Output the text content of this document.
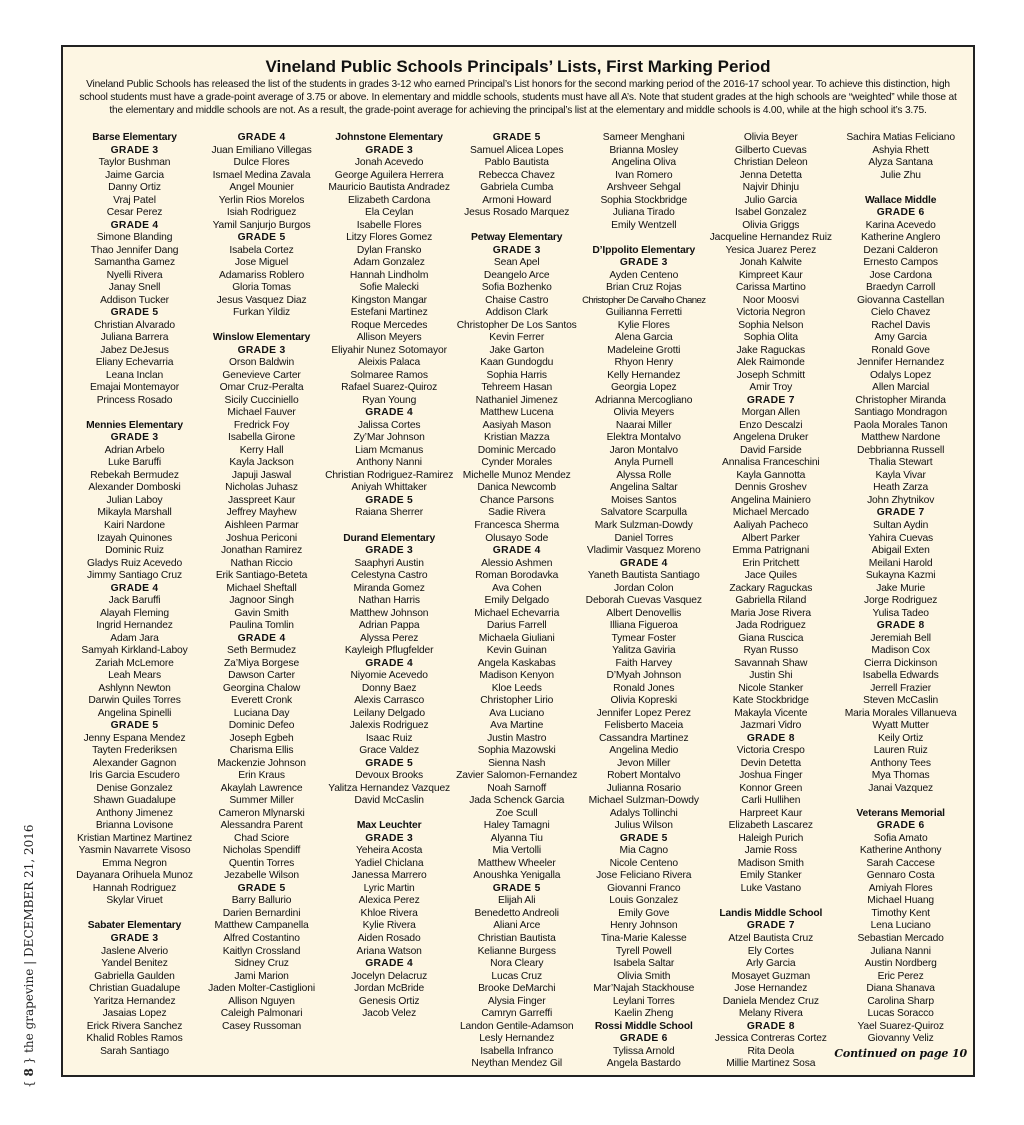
{ 8 } the grapevine | DECEMBER 21, 2016
Vineland Public Schools Principals’ Lists, First Marking Period
Vineland Public Schools has released the list of the students in grades 3-12 who earned Principal’s List honors for the second marking period of the 2016-17 school year. To achieve this distinction, high school students must have a grade-point average of 3.75 or above. In elementary and middle schools, students must have all A’s. Note that student grades at the high schools are “weighted” while those at the elementary and middle schools are not. As a result, the grade-point average for achieving the principal’s list at the elementary and middle schools is 4.00, while at the high school it’s 3.75.
Barse Elementary
GRADE 3
Taylor Bushman
Jaime Garcia
Danny Ortiz
Vraj Patel
Cesar Perez
GRADE 4
Simone Blanding
Thao Jennifer Dang
Samantha Gamez
Nyelli Rivera
Janay Snell
Addison Tucker
GRADE 5
Christian Alvarado
Juliana Barrera
Jabez DeJesus
Eliany Echevarria
Leana Inclan
Emajai Montemayor
Princess Rosado
Mennies Elementary
GRADE 3
Adrian Arbelo
Luke Baruffi
Rebekah Bermudez
Alexander Domboski
Julian Laboy
Mikayla Marshall
Kairi Nardone
Izayah Quinones
Dominic Ruiz
Gladys Ruiz Acevedo
Jimmy Santiago Cruz
GRADE 4
Jack Baruffi
Alayah Fleming
Ingrid Hernandez
Adam Jara
Samyah Kirkland-Laboy
Zariah McLemore
Leah Mears
Ashlynn Newton
Darwin Quiles Torres
Angelina Spinelli
GRADE 5
Jenny Espana Mendez
Tayten Frederiksen
Alexander Gagnon
Iris Garcia Escudero
Denise Gonzalez
Shawn Guadalupe
Anthony Jimenez
Brianna Lovisone
Kristian Martinez Martinez
Yasmin Navarrete Visoso
Emma Negron
Dayanara Orihuela Munoz
Hannah Rodriguez
Skylar Viruet
Sabater Elementary
GRADE 3
Jaslene Alverio
Yandel Benitez
Gabriella Gaulden
Christian Guadalupe
Yaritza Hernandez
Jasaias Lopez
Erick Rivera Sanchez
Khalid Robles Ramos
Sarah Santiago
GRADE 4
Juan Emiliano Villegas
Dulce Flores
Ismael Medina Zavala
Angel Mounier
Yerlin Rios Morelos
Isiah Rodriguez
Yamil Sanjurjo Burgos
GRADE 5
Isabela Cortez
Jose Miguel
Adamariss Roblero
Gloria Tomas
Jesus Vasquez Diaz
Furkan Yildiz
Winslow Elementary
GRADE 3
Orson Baldwin
Genevieve Carter
Omar Cruz-Peralta
Sicily Cucciniello
Michael Fauver
Fredrick Foy
Isabella Girone
Kerry Hall
Kayla Jackson
Japuji Jaswal
Nicholas Juhasz
Jasspreet Kaur
Jeffrey Mayhew
Aishleen Parmar
Joshua Periconi
Jonathan Ramirez
Nathan Riccio
Erik Santiago-Beteta
Michael Sheftall
Jagnoor Singh
Gavin Smith
Paulina Tomlin
GRADE 4
Seth Bermudez
Za’Miya Borgese
Dawson Carter
Georgina Chalow
Everett Cronk
Luciana Day
Dominic Defeo
Joseph Egbeh
Charisma Ellis
Mackenzie Johnson
Erin Kraus
Akaylah Lawrence
Summer Miller
Cameron Mlynarski
Alessandra Parent
Chad Sciore
Nicholas Spendiff
Quentin Torres
Jezabelle Wilson
GRADE 5
Barry Ballurio
Darien Bernardini
Matthew Campanella
Alfred Costantino
Kaitlyn Crossland
Sidney Cruz
Jami Marion
Jaden Molter-Castiglioni
Allison Nguyen
Caleigh Palmonari
Casey Russoman
Johnstone Elementary
GRADE 3
Jonah Acevedo
George Aguilera Herrera
Mauricio Bautista Andradez
Elizabeth Cardona
Ela Ceylan
Isabelle Flores
Litzy Flores Gomez
Dylan Fransko
Adam Gonzalez
Hannah Lindholm
Sofie Malecki
Kingston Mangar
Estefani Martinez
Roque Mercedes
Allison Meyers
Eliyahir Nunez Sotomayor
Aleixis Palaca
Solmaree Ramos
Rafael Suarez-Quiroz
Ryan Young
GRADE 4
Jalissa Cortes
Zy’Mar Johnson
Liam Mcmanus
Anthony Nanni
Christian Rodriguez-Ramirez
Aniyah Whittaker
GRADE 5
Raiana Sherrer
Durand Elementary
GRADE 3
Saaphyri Austin
Celestyna Castro
Miranda Gomez
Nathan Harris
Matthew Johnson
Adrian Pappa
Alyssa Perez
Kayleigh Pflugfelder
GRADE 4
Niyomie Acevedo
Donny Baez
Alexis Carrasco
Leilany Delgado
Jalexis Rodriguez
Isaac Ruiz
Grace Valdez
GRADE 5
Devoux Brooks
Yalitza Hernandez Vazquez
David McCaslin
Max Leuchter
GRADE 3
Yeheira Acosta
Yadiel Chiclana
Janessa Marrero
Lyric Martin
Alexica Perez
Khloe Rivera
Kylie Rivera
Aiden Rosado
Ariana Watson
GRADE 4
Jocelyn Delacruz
Jordan McBride
Genesis Ortiz
Jacob Velez
GRADE 5
Samuel Alicea Lopes
Pablo Bautista
Rebecca Chavez
Gabriela Cumba
Armoni Howard
Jesus Rosado Marquez
Petway Elementary
GRADE 3
Sean Apel
Deangelo Arce
Sofia Bozhenko
Chaise Castro
Addison Clark
Christopher De Los Santos
Kevin Ferrer
Jake Garton
Kaan Gundogdu
Sophia Harris
Tehreem Hasan
Nathaniel Jimenez
Matthew Lucena
Aasiyah Mason
Kristian Mazza
Dominic Mercado
Cynder Morales
Michelle Munoz Mendez
Danica Newcomb
Chance Parsons
Sadie Rivera
Francesca Sherma
Olusayo Sode
GRADE 4
Alessio Ashmen
Roman Borodavka
Ava Cohen
Emily Delgado
Michael Echevarria
Darius Farrell
Michaela Giuliani
Kevin Guinan
Angela Kaskabas
Madison Kenyon
Kloe Leeds
Christopher Lirio
Ava Luciano
Ava Martine
Justin Mastro
Sophia Mazowski
Sienna Nash
Zavier Salomon-Fernandez
Noah Sarnoff
Jada Schenck Garcia
Zoe Scull
Haley Tamagni
Alyanna Tiu
Mia Vertolli
Matthew Wheeler
Anoushka Yenigalla
GRADE 5
Elijah Ali
Benedetto Andreoli
Aliani Arce
Christian Bautista
Kelianne Burgess
Nora Cleary
Lucas Cruz
Brooke DeMarchi
Alysia Finger
Camryn Garreffi
Landon Gentile-Adamson
Lesly Hernandez
Isabella Infranco
Neythan Mendez Gil
Sameer Menghani
Brianna Mosley
Angelina Oliva
Ivan Romero
Arshveer Sehgal
Sophia Stockbridge
Juliana Tirado
Emily Wentzell
D’Ippolito Elementary
GRADE 3
Ayden Centeno
Brian Cruz Rojas
Christopher De Carvalho Chanez
Guilianna Ferretti
Kylie Flores
Alena Garcia
Madeleine Grotti
Rhyon Henry
Kelly Hernandez
Georgia Lopez
Adrianna Mercogliano
Olivia Meyers
Naarai Miller
Elektra Montalvo
Jaron Montalvo
Anyla Purnell
Alyssa Rolle
Angelina Saltar
Moises Santos
Salvatore Scarpulla
Mark Sulzman-Dowdy
Daniel Torres
Vladimir Vasquez Moreno
GRADE 4
Yaneth Bautista Santiago
Jordan Colon
Deborah Cuevas Vasquez
Albert Denovellis
Illiana Figueroa
Tymear Foster
Yalitza Gaviria
Faith Harvey
D’Myah Johnson
Ronald Jones
Olivia Kopreski
Jennifer Lopez Perez
Felisberto Maceia
Cassandra Martinez
Angelina Medio
Jevon Miller
Robert Montalvo
Julianna Rosario
Michael Sulzman-Dowdy
Adalys Tollinchi
Julius Wilson
GRADE 5
Mia Cagno
Nicole Centeno
Jose Feliciano Rivera
Giovanni Franco
Louis Gonzalez
Emily Gove
Henry Johnson
Tina-Marie Kalesse
Tyrell Powell
Isabela Saltar
Olivia Smith
Mar’Najah Stackhouse
Leylani Torres
Kaelin Zheng
Rossi Middle School
GRADE 6
Tylissa Arnold
Angela Bastardo
Olivia Beyer
Gilberto Cuevas
Christian Deleon
Jenna Detetta
Najvir Dhinju
Julio Garcia
Isabel Gonzalez
Olivia Griggs
Jacqueline Hernandez Ruiz
Yesica Juarez Perez
Jonah Kalwite
Kimpreet Kaur
Carissa Martino
Noor Moosvi
Victoria Negron
Sophia Nelson
Sophia Olita
Jake Raguckas
Alek Raimonde
Joseph Schmitt
Amir Troy
GRADE 7
Morgan Allen
Enzo Descalzi
Angelena Druker
David Farside
Annalisa Franceschini
Kayla Gannotta
Dennis Groshev
Angelina Mainiero
Michael Mercado
Aaliyah Pacheco
Albert Parker
Emma Patrignani
Erin Pritchett
Jace Quiles
Zackary Raguckas
Gabriella Riland
Maria Jose Rivera
Jada Rodriguez
Giana Ruscica
Ryan Russo
Savannah Shaw
Justin Shi
Nicole Stanker
Kate Stockbridge
Makayla Vicente
Jazmari Vidro
GRADE 8
Victoria Crespo
Devin Detetta
Joshua Finger
Konnor Green
Carli Hullihen
Harpreet Kaur
Elizabeth Lascarez
Haleigh Purich
Jamie Ross
Madison Smith
Emily Stanker
Luke Vastano
Landis Middle School
GRADE 7
Atzel Bautista Cruz
Ely Cortes
Arly Garcia
Mosayet Guzman
Jose Hernandez
Daniela Mendez Cruz
Melany Rivera
GRADE 8
Jessica Contreras Cortez
Rita Deola
Millie Martinez Sosa
Sachira Matias Feliciano
Ashyia Rhett
Alyza Santana
Julie Zhu
Wallace Middle
GRADE 6
Karina Acevedo
Katherine Anglero
Dezani Calderon
Ernesto Campos
Jose Cardona
Braedyn Carroll
Giovanna Castellan
Cielo Chavez
Rachel Davis
Amy Garcia
Ronald Gove
Jennifer Hernandez
Odalys Lopez
Allen Marcial
Christopher Miranda
Santiago Mondragon
Paola Morales Tanon
Matthew Nardone
Debbrianna Russell
Thalia Stewart
Kayla Vivar
Heath Zarza
John Zhytnikov
GRADE 7
Sultan Aydin
Yahira Cuevas
Abigail Exten
Meilani Harold
Sukayna Kazmi
Jake Murie
Jorge Rodriguez
Yulisa Tadeo
GRADE 8
Jeremiah Bell
Madison Cox
Cierra Dickinson
Isabella Edwards
Jerrell Frazier
Steven McCaslin
Maria Morales Villanueva
Wyatt Mutter
Keily Ortiz
Lauren Ruiz
Anthony Tees
Mya Thomas
Janai Vazquez
Veterans Memorial
GRADE 6
Sofia Amato
Katherine Anthony
Sarah Caccese
Gennaro Costa
Amiyah Flores
Michael Huang
Timothy Kent
Lena Luciano
Sebastian Mercado
Juliana Nanni
Austin Nordberg
Eric Perez
Diana Shanava
Carolina Sharp
Lucas Soracco
Yael Suarez-Quiroz
Giovanny Veliz
Continued on page 10
